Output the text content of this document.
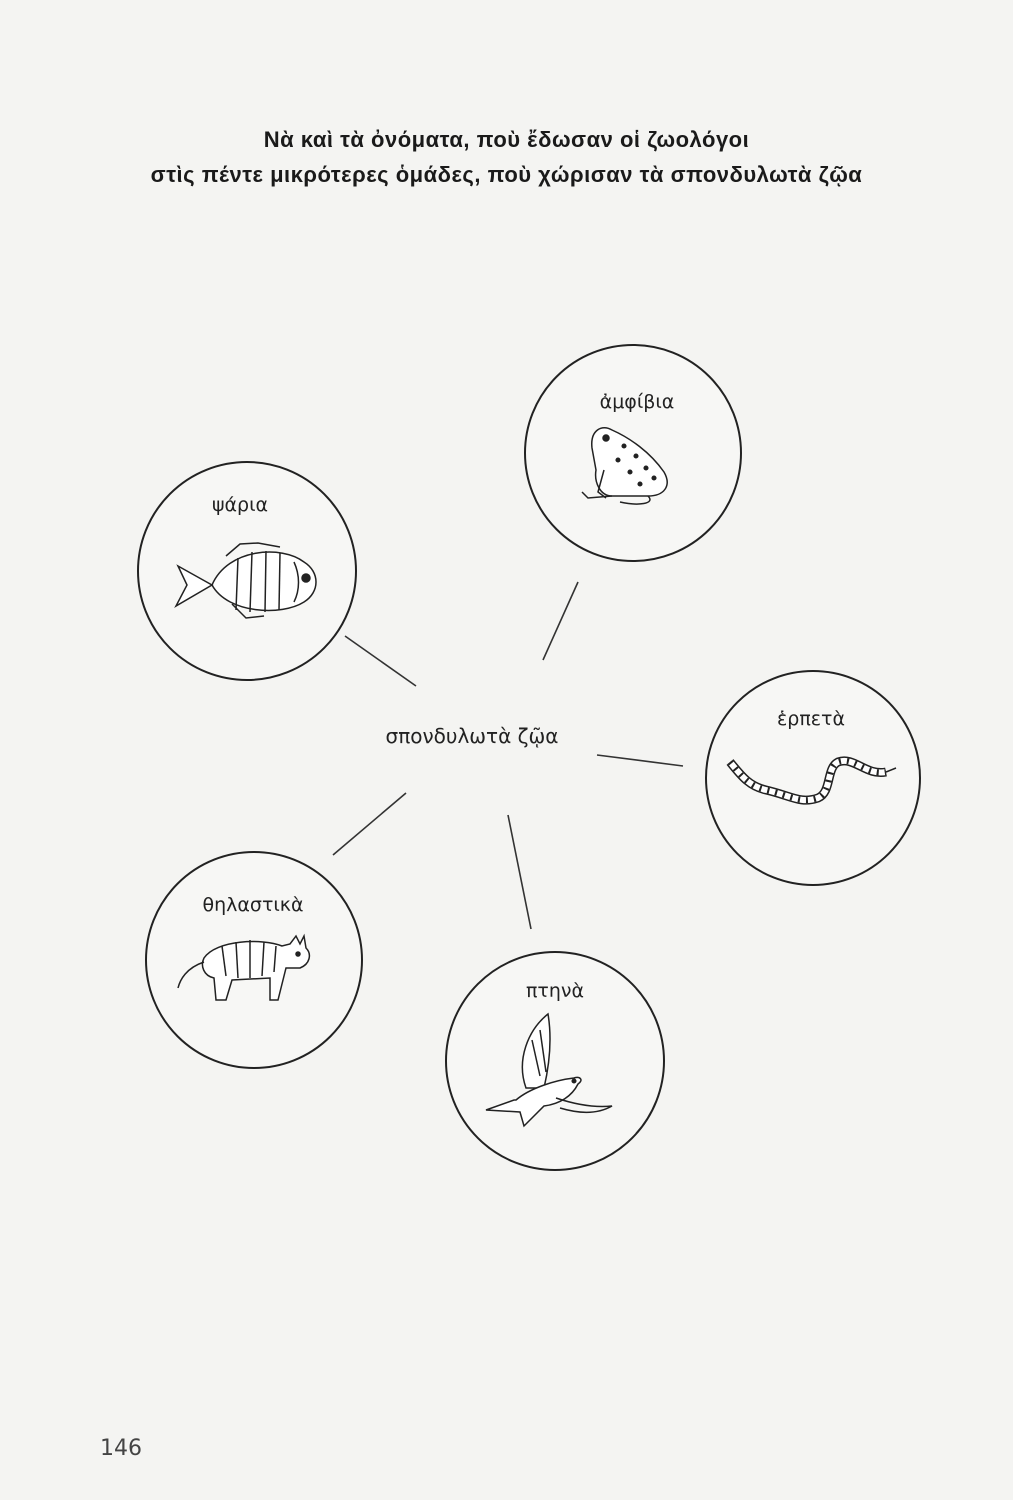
Νὰ καὶ τὰ ὀνόματα, ποὺ ἔδωσαν οἱ ζωολόγοι
στὶς πέντε μικρότερες ὁμάδες, ποὺ χώρισαν τὰ σπονδυλωτὰ ζῷα
ψάρια
ἀμφίβια
ἑρπετὰ
θηλαστικὰ
πτηνὰ
σπονδυλωτὰ ζῷα
146
